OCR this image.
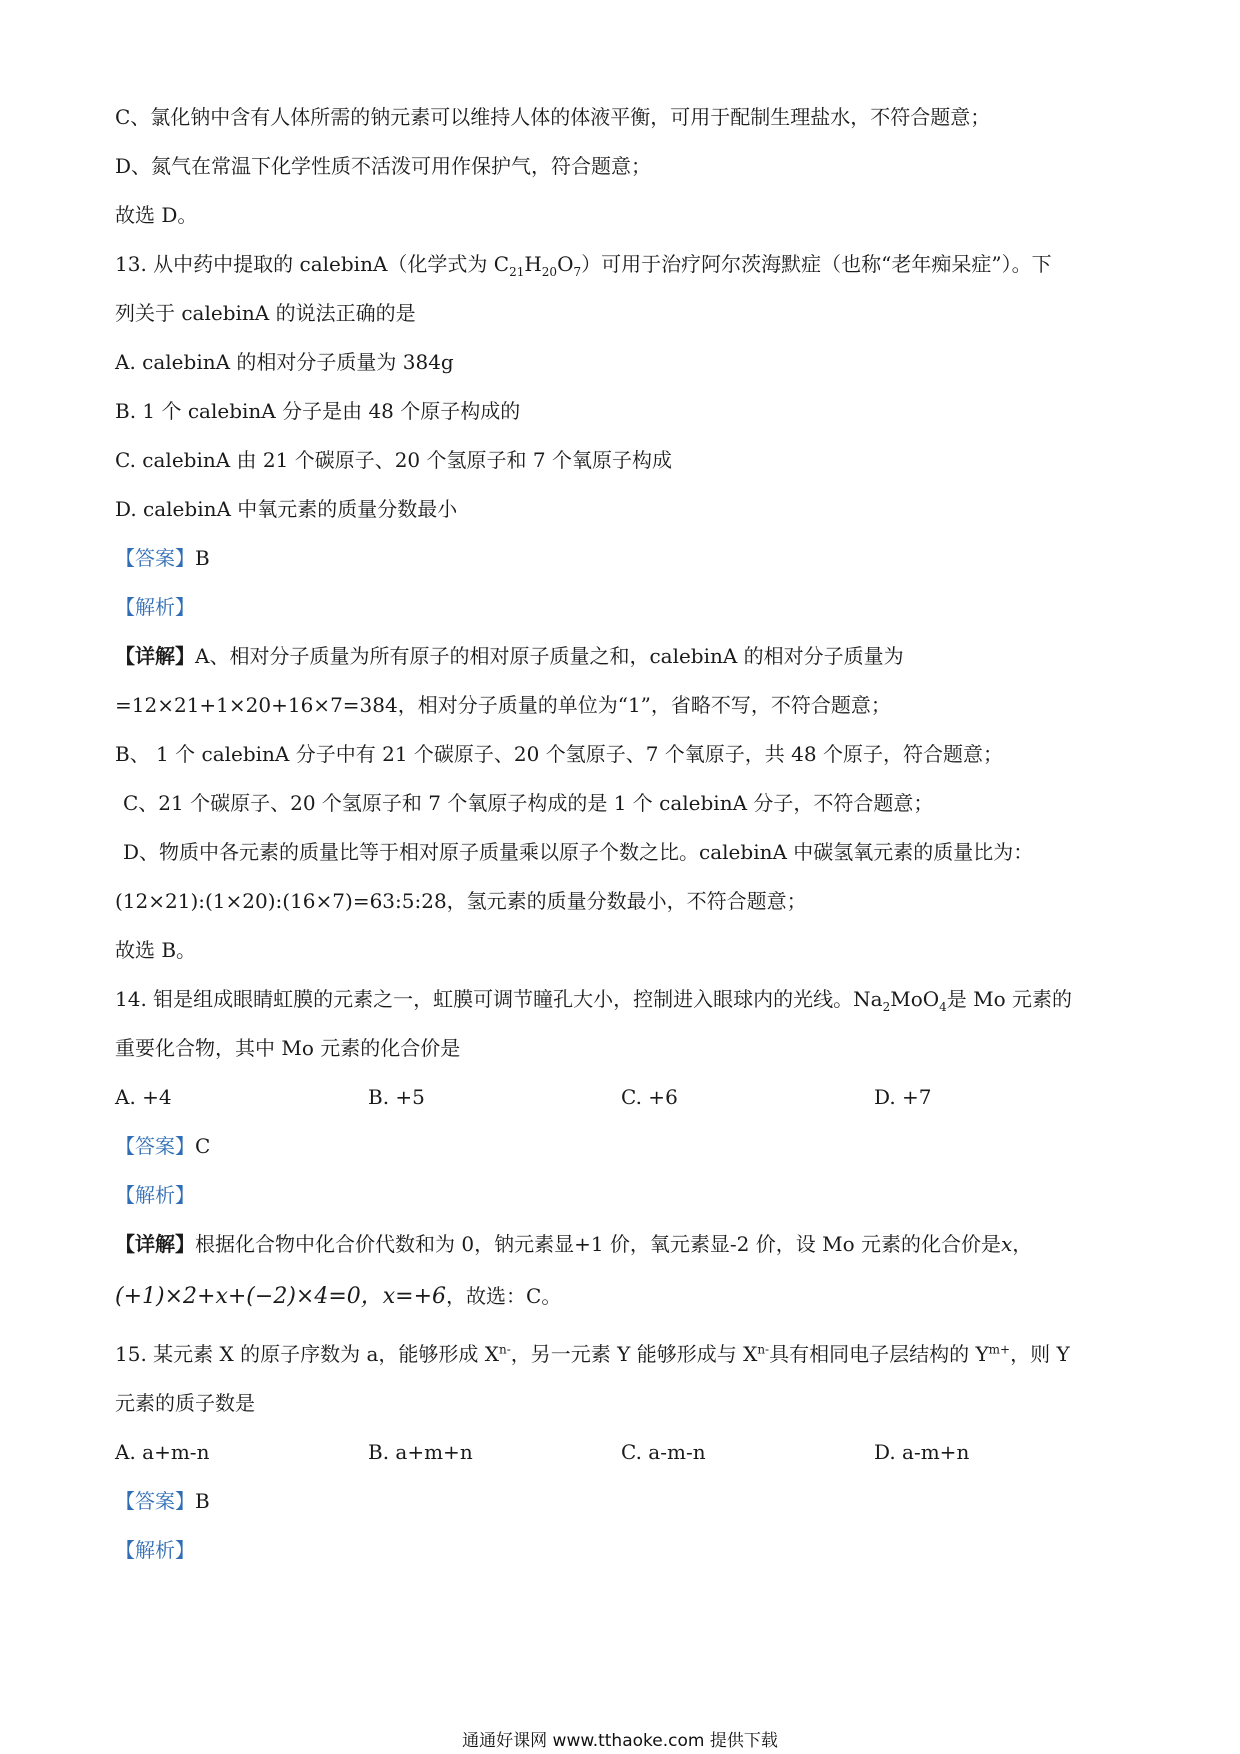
C、氯化钠中含有人体所需的钠元素可以维持人体的体液平衡，可用于配制生理盐水，不符合题意；
D、氮气在常温下化学性质不活泼可用作保护气，符合题意；
故选 D。
13. 从中药中提取的 calebinA（化学式为 $C_{21}H_{20}O_7$）可用于治疗阿尔茨海默症（也称“老年痴呆症”）。下
列关于 calebinA 的说法正确的是
A. calebinA 的相对分子质量为 384g
B. 1 个 calebinA 分子是由 48 个原子构成的
C. calebinA 由 21 个碳原子、20 个氢原子和 7 个氧原子构成
D. calebinA 中氧元素的质量分数最小
【答案】B
【解析】
【详解】A、相对分子质量为所有原子的相对原子质量之和，calebinA 的相对分子质量为
=12×21+1×20+16×7=384，相对分子质量的单位为“1”，省略不写，不符合题意；
B、 1 个 calebinA 分子中有 21 个碳原子、20 个氢原子、7 个氧原子，共 48 个原子，符合题意；
C、21 个碳原子、20 个氢原子和 7 个氧原子构成的是 1 个 calebinA 分子，不符合题意；
D、物质中各元素的质量比等于相对原子质量乘以原子个数之比。calebinA 中碳氢氧元素的质量比为：
(12×21):(1×20):(16×7)=63:5:28，氢元素的质量分数最小，不符合题意；
故选 B。
14. 钼是组成眼睛虹膜的元素之一，虹膜可调节瞳孔大小，控制进入眼球内的光线。$Na_2MoO_4$是 Mo 元素的
重要化合物，其中 Mo 元素的化合价是
A. +4	B. +5	C. +6	D. +7
【答案】C
【解析】
【详解】根据化合物中化合价代数和为 0，钠元素显+1 价，氧元素显-2 价，设 Mo 元素的化合价是x，
(+1)×2+x+(−2)×4=0，x=+6，故选：C。
15. 某元素 X 的原子序数为 a，能够形成 $X^{n-}$，另一元素 Y 能够形成与 $X^{n-}$具有相同电子层结构的 $Y^{m+}$，则 Y
元素的质子数是
A. a+m-n	B. a+m+n	C. a-m-n	D. a-m+n
【答案】B
【解析】
通通好课网 www.tthaoke.com 提供下载
